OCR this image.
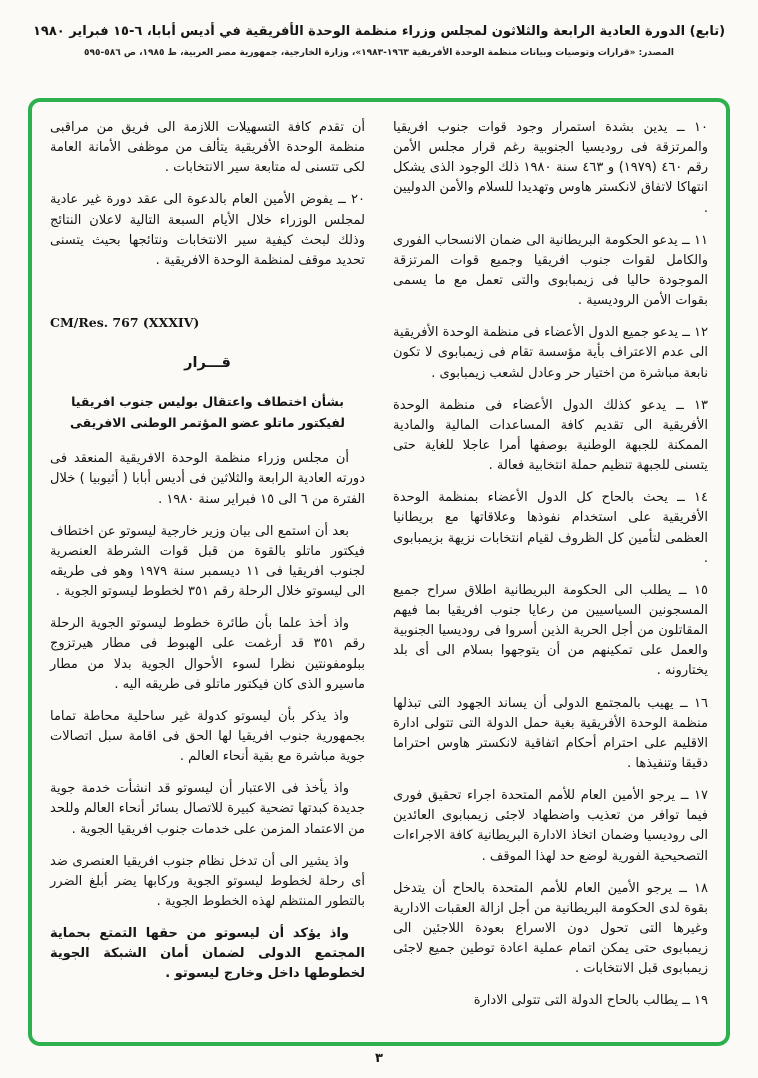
(تابع) الدورة العادية الرابعة والثلاثون لمجلس وزراء منظمة الوحدة الأفريقية في أديس أبابا، ٦-١٥ فبراير ١٩٨٠
المصدر: «قرارات وتوصيات وبيانات منظمة الوحدة الأفريقية ١٩٦٣-١٩٨٣»، وزارة الخارجية، جمهورية مصر العربية، ط ١٩٨٥، ص ٥٨٦-٥٩٥

١٠ ــ يدين بشدة استمرار وجود قوات جنوب افريقيا والمرتزقة فى روديسيا الجنوبية رغم قرار مجلس الأمن رقم ٤٦٠ (١٩٧٩) و ٤٦٣ سنة ١٩٨٠ ذلك الوجود الذى يشكل انتهاكا لاتفاق لانكستر هاوس وتهديدا للسلام والأمن الدوليين .

١١ ــ يدعو الحكومة البريطانية الى ضمان الانسحاب الفورى والكامل لقوات جنوب افريقيا وجميع قوات المرتزقة الموجودة حاليا فى زيمبابوى والتى تعمل مع ما يسمى بقوات الأمن الروديسية .

١٢ ــ يدعو جميع الدول الأعضاء فى منظمة الوحدة الأفريقية الى عدم الاعتراف بأية مؤسسة تقام فى زيمبابوى لا تكون نابعة مباشرة من اختيار حر وعادل لشعب زيمبابوى .

١٣ ــ يدعو كذلك الدول الأعضاء فى منظمة الوحدة الأفريقية الى تقديم كافة المساعدات المالية والمادية الممكنة للجبهة الوطنية بوصفها أمرا عاجلا للغاية حتى يتسنى للجبهة تنظيم حملة انتخابية فعالة .

١٤ ــ يحث بالحاح كل الدول الأعضاء بمنظمة الوحدة الأفريقية على استخدام نفوذها وعلاقاتها مع بريطانيا العظمى لتأمين كل الظروف لقيام انتخابات نزيهة بزيمبابوى .

١٥ ــ يطلب الى الحكومة البريطانية اطلاق سراح جميع المسجونين السياسيين من رعايا جنوب افريقيا بما فيهم المقاتلون من أجل الحرية الذين أسروا فى روديسيا الجنوبية والعمل على تمكينهم من أن يتوجهوا بسلام الى أى بلد يختارونه .

١٦ ــ يهيب بالمجتمع الدولى أن يساند الجهود التى تبذلها منظمة الوحدة الأفريقية بغية حمل الدولة التى تتولى ادارة الاقليم على احترام أحكام اتفاقية لانكستر هاوس احتراما دقيقا وتنفيذها .

١٧ ــ يرجو الأمين العام للأمم المتحدة اجراء تحقيق فورى فيما توافر من تعذيب واضطهاد لاجئى زيمبابوى العائدين الى روديسيا وضمان اتخاذ الادارة البريطانية كافة الاجراءات التصحيحية الفورية لوضع حد لهذا الموقف .

١٨ ــ يرجو الأمين العام للأمم المتحدة بالحاح أن يتدخل بقوة لدى الحكومة البريطانية من أجل ازالة العقبات الادارية وغيرها التى تحول دون الاسراع بعودة اللاجئين الى زيمبابوى حتى يمكن اتمام عملية اعادة توطين جميع لاجئى زيمبابوى قبل الانتخابات .

١٩ ــ يطالب بالحاح الدولة التى تتولى الادارة

أن تقدم كافة التسهيلات اللازمة الى فريق من مراقبى منظمة الوحدة الأفريقية يتألف من موظفى الأمانة العامة لكى تتسنى له متابعة سير الانتخابات .

٢٠ ــ يفوض الأمين العام بالدعوة الى عقد دورة غير عادية لمجلس الوزراء خلال الأيام السبعة التالية لاعلان النتائج وذلك لبحث كيفية سير الانتخابات ونتائجها بحيث يتسنى تحديد موقف لمنظمة الوحدة الافريقية .

CM/Res. 767 (XXXIV)
قـــرار
بشأن اختطاف واعتقال بوليس جنوب افريقيا
لفيكتور ماتلو عضو المؤتمر الوطنى الافريقى

أن مجلس وزراء منظمة الوحدة الافريقية المنعقد فى دورته العادية الرابعة والثلاثين فى أديس أبابا ( أثيوبيا ) خلال الفترة من ٦ الى ١٥ فبراير سنة ١٩٨٠ .

بعد أن استمع الى بيان وزير خارجية ليسوتو عن اختطاف فيكتور ماتلو بالقوة من قبل قوات الشرطة العنصرية لجنوب افريقيا فى ١١ ديسمبر سنة ١٩٧٩ وهو فى طريقه الى ليسوتو خلال الرحلة رقم ٣٥١ لخطوط ليسوتو الجوية .

واذ أخذ علما بأن طائرة خطوط ليسوتو الجوية الرحلة رقم ٣٥١ قد أرغمت على الهبوط فى مطار هيرتزوج ببلومفونتين نظرا لسوء الأحوال الجوية بدلا من مطار ماسيرو الذى كان فيكتور ماتلو فى طريقه اليه .

واذ يذكر بأن ليسوتو كدولة غير ساحلية محاطة تماما بجمهورية جنوب افريقيا لها الحق فى اقامة سبل اتصالات جوية مباشرة مع بقية أنحاء العالم .

واذ يأخذ فى الاعتبار أن ليسوتو قد انشأت خدمة جوية جديدة كبدتها تضحية كبيرة للاتصال بسائر أنحاء العالم وللحد من الاعتماد المزمن على خدمات جنوب افريقيا الجوية .

واذ يشير الى أن تدخل نظام جنوب افريقيا العنصرى ضد أى رحلة لخطوط ليسوتو الجوية وركابها يضر أبلغ الضرر بالتطور المنتظم لهذه الخطوط الجوية .

واذ يؤكد أن ليسوتو من حقها التمتع بحماية المجتمع الدولى لضمان أمان الشبكة الجوية لخطوطها داخل وخارج ليسوتو .

٣
